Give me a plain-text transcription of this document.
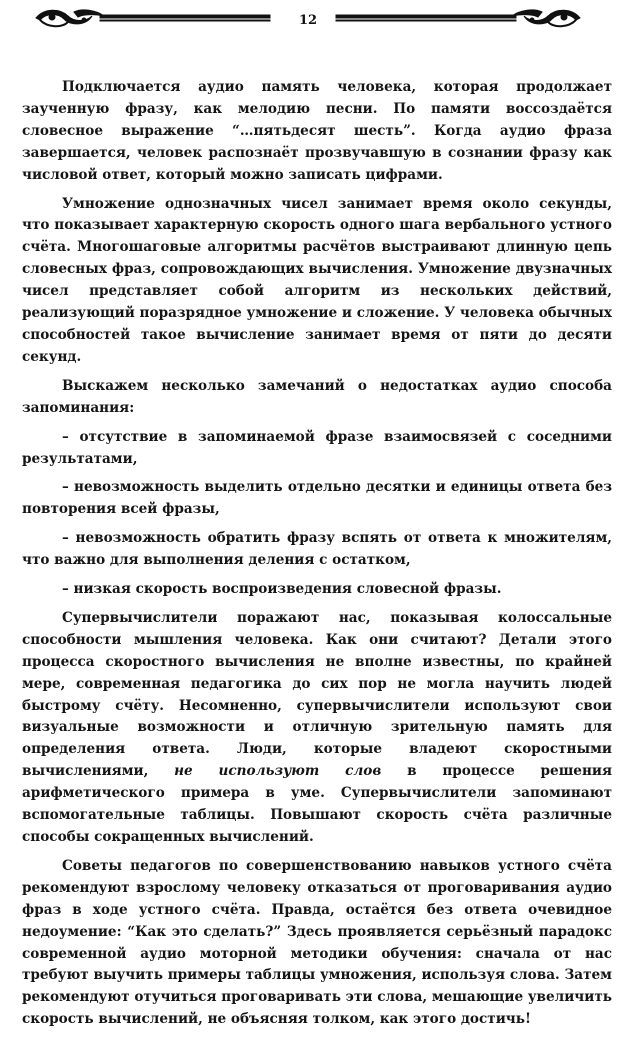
12

Подключается аудио память человека, которая продолжает заученную фразу, как мелодию песни. По памяти воссоздаётся словесное выражение “…пятьдесят шесть”. Когда аудио фраза завершается, человек распознаёт прозвучавшую в сознании фразу как числовой ответ, который можно записать цифрами.

Умножение однозначных чисел занимает время около секунды, что показывает характерную скорость одного шага вербального устного счёта. Многошаговые алгоритмы расчётов выстраивают длинную цепь словесных фраз, сопровождающих вычисления. Умножение двузначных чисел представляет собой алгоритм из нескольких действий, реализующий поразрядное умножение и сложение. У человека обычных способностей такое вычисление занимает время от пяти до десяти секунд.

Выскажем несколько замечаний о недостатках аудио способа запоминания:

– отсутствие в запоминаемой фразе взаимосвязей с соседними результатами,

– невозможность выделить отдельно десятки и единицы ответа без повторения всей фразы,

– невозможность обратить фразу вспять от ответа к множителям, что важно для выполнения деления с остатком,

– низкая скорость воспроизведения словесной фразы.

Супервычислители поражают нас, показывая колоссальные способности мышления человека. Как они считают? Детали этого процесса скоростного вычисления не вполне известны, по крайней мере, современная педагогика до сих пор не могла научить людей быстрому счёту. Несомненно, супервычислители используют свои визуальные возможности и отличную зрительную память для определения ответа. Люди, которые владеют скоростными вычислениями, не используют слов в процессе решения арифметического примера в уме. Супервычислители запоминают вспомогательные таблицы. Повышают скорость счёта различные способы сокращенных вычислений.

Советы педагогов по совершенствованию навыков устного счёта рекомендуют взрослому человеку отказаться от проговаривания аудио фраз в ходе устного счёта. Правда, остаётся без ответа очевидное недоумение: “Как это сделать?” Здесь проявляется серьёзный парадокс современной аудио моторной методики обучения: сначала от нас требуют выучить примеры таблицы умножения, используя слова. Затем рекомендуют отучиться проговаривать эти слова, мешающие увеличить скорость вычислений, не объясняя толком, как этого достичь!
